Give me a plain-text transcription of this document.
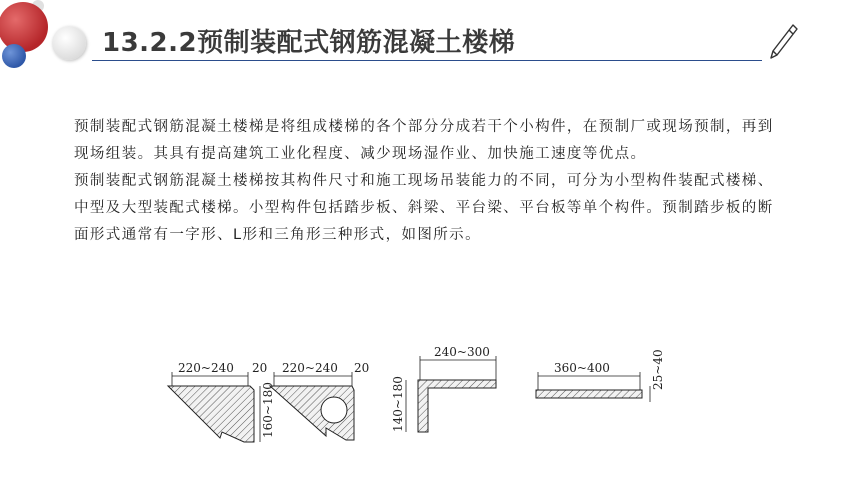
13.2.2预制装配式钢筋混凝土楼梯

预制装配式钢筋混凝土楼梯是将组成楼梯的各个部分分成若干个小构件，在预制厂或现场预制，再到现场组装。其具有提高建筑工业化程度、减少现场湿作业、加快施工速度等优点。

预制装配式钢筋混凝土楼梯按其构件尺寸和施工现场吊装能力的不同，可分为小型构件装配式楼梯、中型及大型装配式楼梯。小型构件包括踏步板、斜梁、平台梁、平台板等单个构件。预制踏步板的断面形式通常有一字形、L形和三角形三种形式，如图所示。

220~240 20
160~180
220~240 20
240~300
140~180
360~400	25~40
